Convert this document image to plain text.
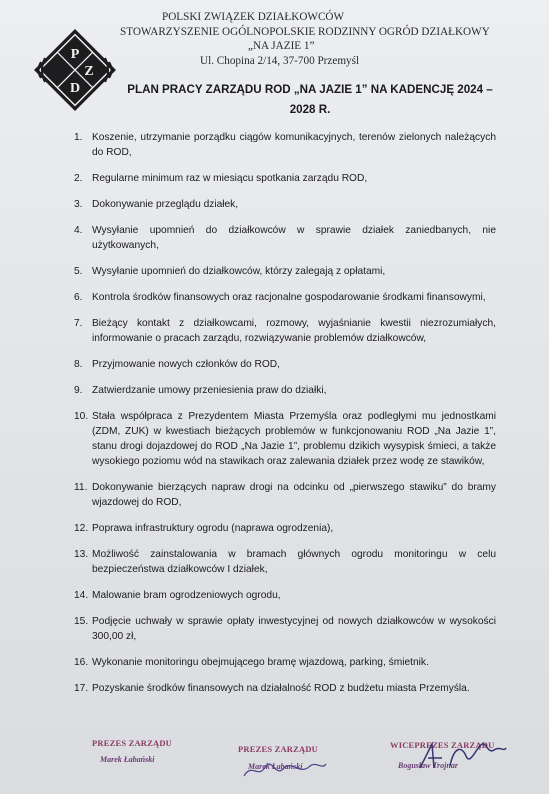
P
Z
D
POLSKI ZWIĄZEK DZIAŁKOWCÓW
STOWARZYSZENIE OGÓLNOPOLSKIE RODZINNY OGRÓD DZIAŁKOWY
„NA JAZIE 1”
Ul. Chopina 2/14, 37-700 Przemyśl
PLAN PRACY ZARZĄDU ROD „NA JAZIE 1” NA KADENCJĘ 2024 –
2028 R.
1. Koszenie, utrzymanie porządku ciągów komunikacyjnych, terenów zielonych należących do ROD,
2. Regularne minimum raz w miesiącu spotkania zarządu ROD,
3. Dokonywanie przeglądu działek,
4. Wysyłanie upomnień do działkowców w sprawie działek zaniedbanych, nie użytkowanych,
5. Wysyłanie upomnień do działkowców, którzy zalegają z opłatami,
6. Kontrola środków finansowych oraz racjonalne gospodarowanie środkami finansowymi,
7. Bieżący kontakt z działkowcami, rozmowy, wyjaśnianie kwestii niezrozumiałych, informowanie o pracach zarządu, rozwiązywanie problemów działkowców,
8. Przyjmowanie nowych członków do ROD,
9. Zatwierdzanie umowy przeniesienia praw do działki,
10. Stała współpraca z Prezydentem Miasta Przemyśla oraz podległymi mu jednostkami (ZDM, ZUK) w kwestiach bieżących problemów w funkcjonowaniu ROD „Na Jazie 1”, stanu drogi dojazdowej do ROD „Na Jazie 1”, problemu dzikich wysypisk śmieci, a także wysokiego poziomu wód na stawikach oraz zalewania działek przez wodę ze stawików,
11. Dokonywanie bierzących napraw drogi na odcinku od „pierwszego stawiku” do bramy wjazdowej do ROD,
12. Poprawa infrastruktury ogrodu (naprawa ogrodzenia),
13. Możliwość zainstalowania w bramach głównych ogrodu monitoringu w celu bezpieczeństwa działkowców I działek,
14. Malowanie bram ogrodzeniowych ogrodu,
15. Podjęcie uchwały w sprawie opłaty inwestycyjnej od nowych działkowców w wysokości 300,00 zł,
16. Wykonanie monitoringu obejmującego bramę wjazdową, parking, śmietnik.
17. Pozyskanie środków finansowych na działalność ROD z budżetu miasta Przemyśla.
PREZES ZARZĄDU
Marek Łabański
PREZES ZARZĄDU
Marek Łabański
WICEPREZES ZARZĄDU
Bogusław Trojnar
